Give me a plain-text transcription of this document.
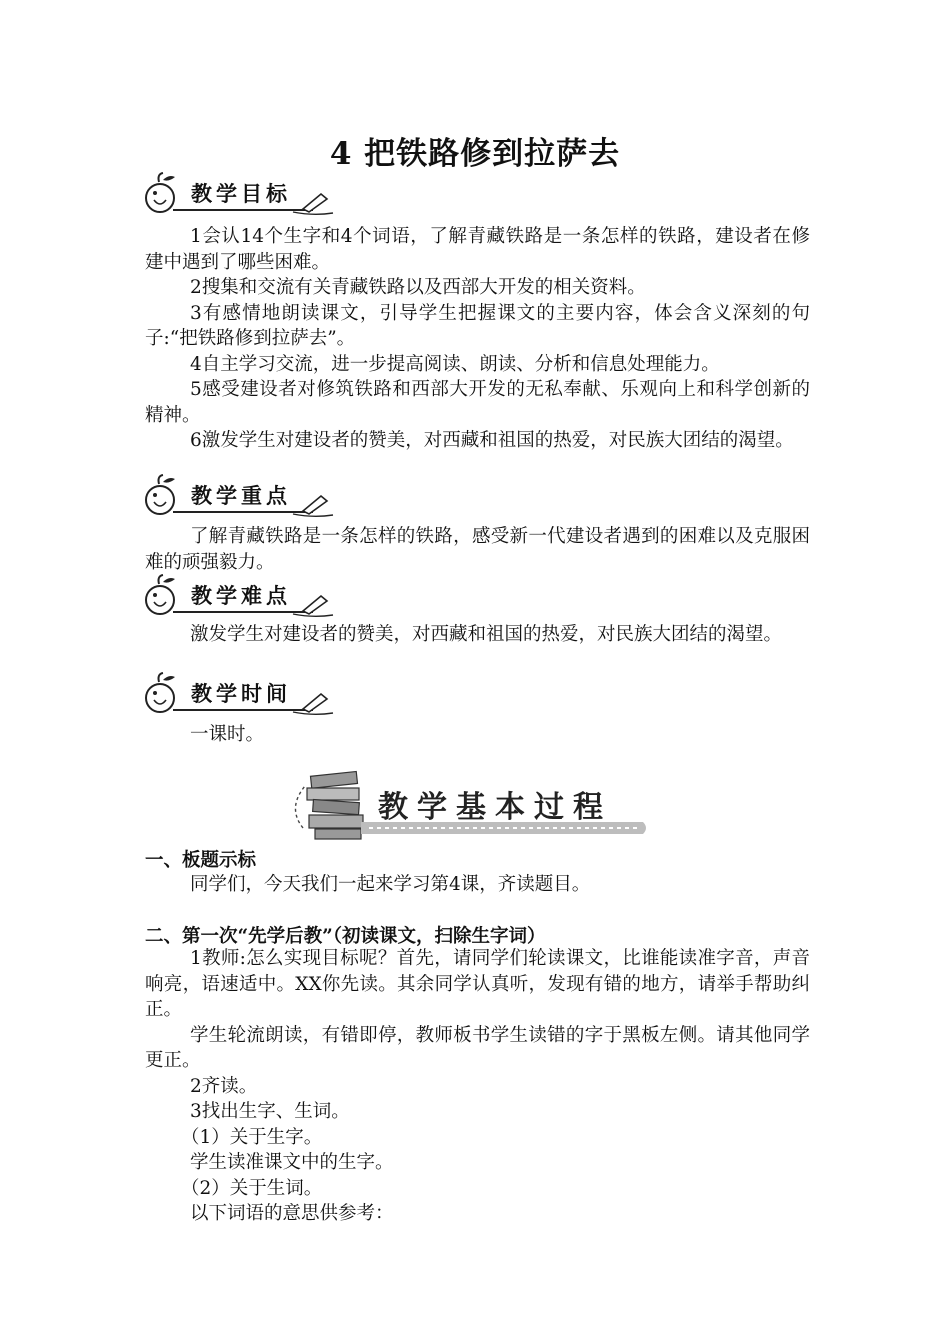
4 把铁路修到拉萨去
教学目标

1会认14个生字和4个词语，了解青藏铁路是一条怎样的铁路，建设者在修建中遇到了哪些困难。

2搜集和交流有关青藏铁路以及西部大开发的相关资料。

3有感情地朗读课文，引导学生把握课文的主要内容，体会含义深刻的句子:“把铁路修到拉萨去”。

4自主学习交流，进一步提高阅读、朗读、分析和信息处理能力。

5感受建设者对修筑铁路和西部大开发的无私奉献、乐观向上和科学创新的精神。

6激发学生对建设者的赞美，对西藏和祖国的热爱，对民族大团结的渴望。

教学重点

了解青藏铁路是一条怎样的铁路，感受新一代建设者遇到的困难以及克服困难的顽强毅力。

教学难点

激发学生对建设者的赞美，对西藏和祖国的热爱，对民族大团结的渴望。

教学时间

一课时。

教学基本过程
一、板题示标

同学们，今天我们一起来学习第4课，齐读题目。

二、第一次“先学后教”（初读课文，扫除生字词）

1教师:怎么实现目标呢？首先，请同学们轮读课文，比谁能读准字音，声音响亮，语速适中。XX你先读。其余同学认真听，发现有错的地方，请举手帮助纠正。

学生轮流朗读，有错即停，教师板书学生读错的字于黑板左侧。请其他同学更正。

2齐读。

3找出生字、生词。

（1）关于生字。

学生读准课文中的生字。

（2）关于生词。

以下词语的意思供参考：
